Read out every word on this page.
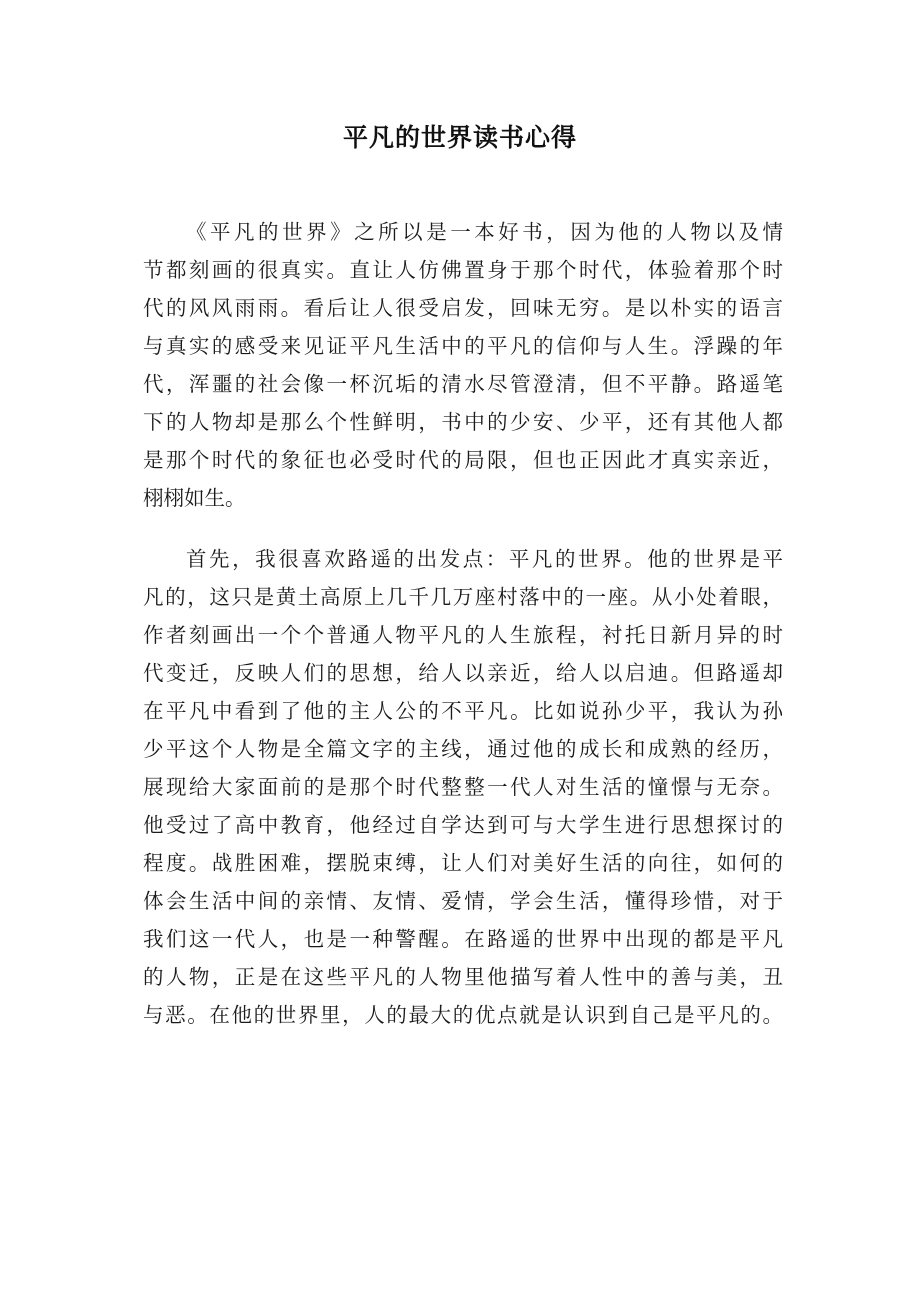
平凡的世界读书心得
《平凡的世界》之所以是一本好书，因为他的人物以及情
节都刻画的很真实。直让人仿佛置身于那个时代，体验着那个时
代的风风雨雨。看后让人很受启发，回味无穷。是以朴实的语言
与真实的感受来见证平凡生活中的平凡的信仰与人生。浮躁的年
代，浑噩的社会像一杯沉垢的清水尽管澄清，但不平静。路遥笔
下的人物却是那么个性鲜明，书中的少安、少平，还有其他人都
是那个时代的象征也必受时代的局限，但也正因此才真实亲近，
栩栩如生。
首先，我很喜欢路遥的出发点：平凡的世界。他的世界是平
凡的，这只是黄土高原上几千几万座村落中的一座。从小处着眼，
作者刻画出一个个普通人物平凡的人生旅程，衬托日新月异的时
代变迁，反映人们的思想，给人以亲近，给人以启迪。但路遥却
在平凡中看到了他的主人公的不平凡。比如说孙少平，我认为孙
少平这个人物是全篇文字的主线，通过他的成长和成熟的经历，
展现给大家面前的是那个时代整整一代人对生活的憧憬与无奈。
他受过了高中教育，他经过自学达到可与大学生进行思想探讨的
程度。战胜困难，摆脱束缚，让人们对美好生活的向往，如何的
体会生活中间的亲情、友情、爱情，学会生活，懂得珍惜，对于
我们这一代人，也是一种警醒。在路遥的世界中出现的都是平凡
的人物，正是在这些平凡的人物里他描写着人性中的善与美，丑
与恶。在他的世界里，人的最大的优点就是认识到自己是平凡的。
